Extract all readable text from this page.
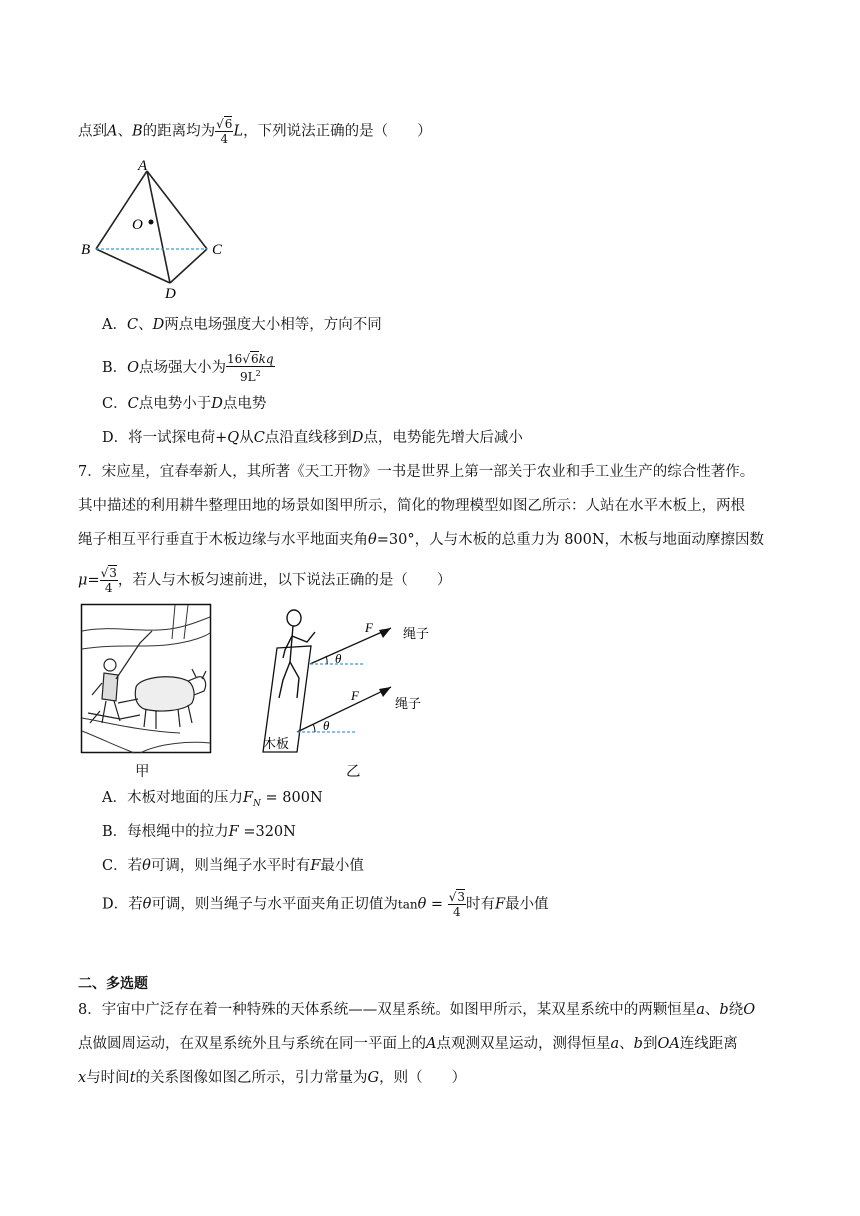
点到A、B的距离均为 $\frac{√6}{4}$ L，下列说法正确的是（　　）
A
B	C
D
O
A．C、D两点电场强度大小相等，方向不同
B．O点场强大小为 $\frac{16√6kq}{9L^2}$
C．C点电势小于D点电势
D．将一试探电荷+Q从C点沿直线移到D点，电势能先增大后减小
7．宋应星，宜春奉新人，其所著《天工开物》一书是世界上第一部关于农业和手工业生产的综合性著作。
其中描述的利用耕牛整理田地的场景如图甲所示，简化的物理模型如图乙所示：人站在水平木板上，两根
绳子相互平行垂直于木板边缘与水平地面夹角θ=30°，人与木板的总重力为 800N，木板与地面动摩擦因数
$\mu= \frac{√3}{4}$ ，若人与木板匀速前进，以下说法正确的是（　　）
甲
θ
θ
F
F
绳子
绳子
木板
乙
A．木板对地面的压力$F_N = 800N$
B．每根绳中的拉力F =320N
C．若θ可调，则当绳子水平时有F最小值
D．若θ可调，则当绳子与水平面夹角正切值为$\tan\theta = \frac{√3}{4}$ 时有F最小值
二、多选题
8．宇宙中广泛存在着一种特殊的天体系统——双星系统。如图甲所示，某双星系统中的两颗恒星a、b绕O
点做圆周运动，在双星系统外且与系统在同一平面上的A点观测双星运动，测得恒星a、b到OA连线距离
x与时间t的关系图像如图乙所示，引力常量为G，则（　　）
